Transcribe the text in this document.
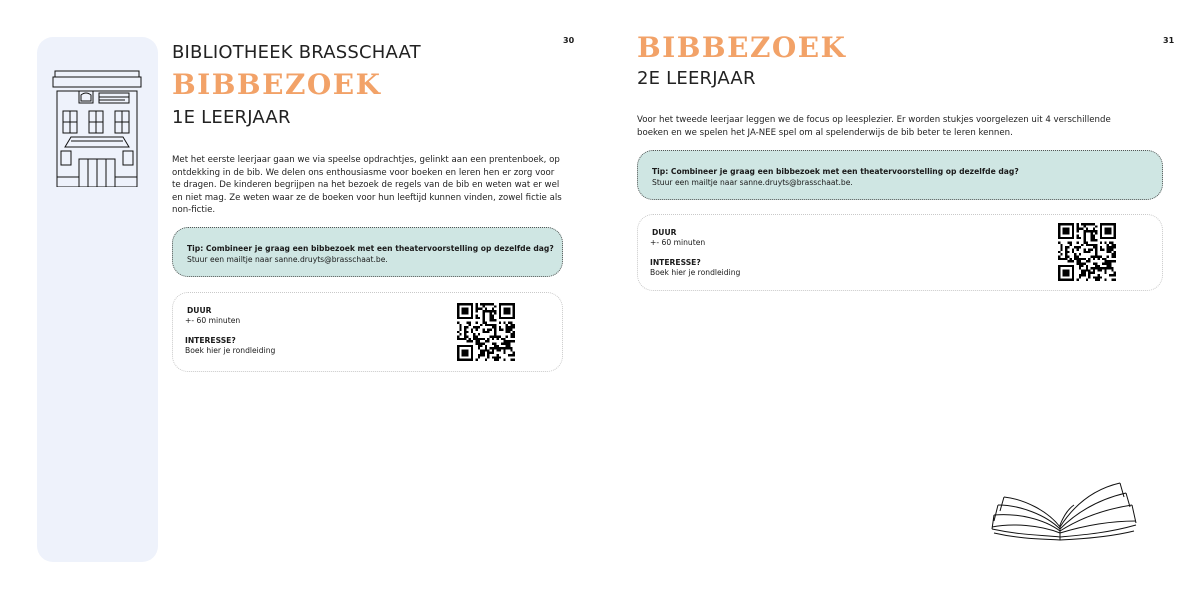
30
BIBLIOTHEEK BRASSCHAAT
BIBBEZOEK
1E LEERJAAR

Met het eerste leerjaar gaan we via speelse opdrachtjes, gelinkt aan een prentenboek, op ontdekking in de bib. We delen ons enthousiasme voor boeken en leren hen er zorg voor te dragen. De kinderen begrijpen na het bezoek de regels van de bib en weten wat er wel en niet mag. Ze weten waar ze de boeken voor hun leeftijd kunnen vinden, zowel fictie als non-fictie.

Tip: Combineer je graag een bibbezoek met een theatervoorstelling op dezelfde dag?
Stuur een mailtje naar sanne.druyts@brasschaat.be.
DUUR
+- 60 minuten
INTERESSE?
Boek hier je rondleiding
31
BIBBEZOEK
2E LEERJAAR

Voor het tweede leerjaar leggen we de focus op leesplezier. Er worden stukjes voorgelezen uit 4 verschillende boeken en we spelen het JA-NEE spel om al spelenderwijs de bib beter te leren kennen.

Tip: Combineer je graag een bibbezoek met een theatervoorstelling op dezelfde dag?
Stuur een mailtje naar sanne.druyts@brasschaat.be.
DUUR
+- 60 minuten
INTERESSE?
Boek hier je rondleiding
